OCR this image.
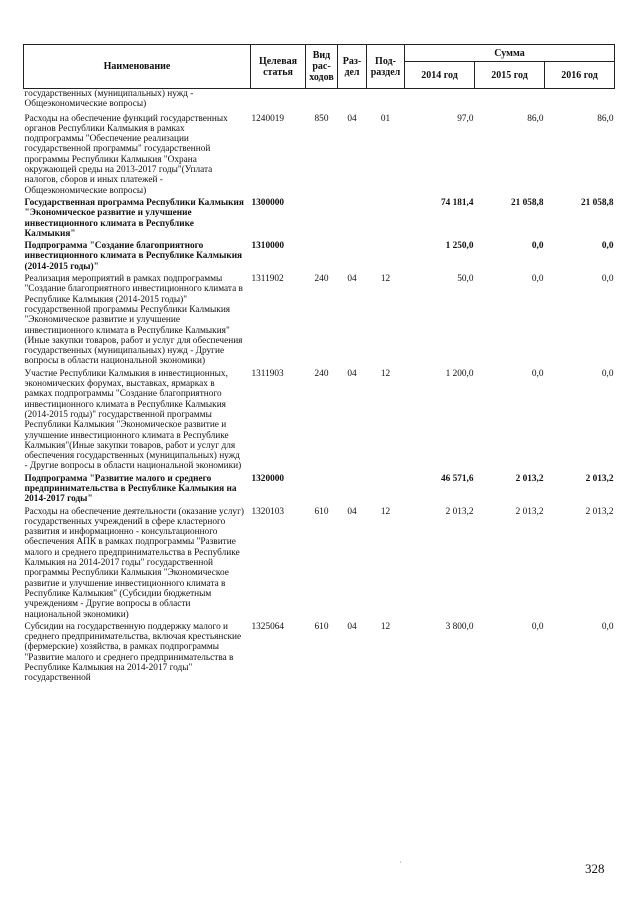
Наименование	Целевая статья	Вид рас-ходов	Раз-дел	Под-раздел	Сумма		
					2014 год	2015 год	2016 год
государственных (муниципальных) нужд - Общеэкономические вопросы)							
Расходы на обеспечение функций государственных органов Республики Калмыкия в рамках подпрограммы "Обеспечение реализации государственной программы" государственной программы Республики Калмыкия "Охрана окружающей среды на 2013-2017 годы"(Уплата налогов, сборов и иных платежей - Общеэкономические вопросы)	1240019	850	04	01	97,0	86,0	86,0
Государственная программа Республики Калмыкия "Экономическое развитие и улучшение инвестиционного климата в Республике Калмыкия"	1300000				74 181,4	21 058,8	21 058,8
Подпрограмма "Создание благоприятного инвестиционного климата в Республике Калмыкия (2014-2015 годы)"	1310000				1 250,0	0,0	0,0
Реализация мероприятий в рамках подпрограммы "Создание благоприятного инвестиционного климата в Республике Калмыкия (2014-2015 годы)" государственной программы Республики Калмыкия "Экономическое развитие и улучшение инвестиционного климата в Республике Калмыкия" (Иные закупки товаров, работ и услуг для обеспечения государственных (муниципальных) нужд - Другие вопросы в области национальной экономики)	1311902	240	04	12	50,0	0,0	0,0
Участие Республики Калмыкия в инвестиционных, экономических форумах, выставках, ярмарках в рамках подпрограммы "Создание благоприятного инвестиционного климата в Республике Калмыкия (2014-2015 годы)" государственной программы Республики Калмыкия "Экономическое развитие и улучшение инвестиционного климата в Республике Калмыкия"(Иные закупки товаров, работ и услуг для обеспечения государственных (муниципальных) нужд - Другие вопросы в области национальной экономики)	1311903	240	04	12	1 200,0	0,0	0,0
Подпрограмма "Развитие малого и среднего предпринимательства в Республике Калмыкия на 2014-2017 годы"	1320000				46 571,6	2 013,2	2 013,2
Расходы на обеспечение деятельности (оказание услуг) государственных учреждений в сфере кластерного развития и информационно - консультационного обеспечения АПК в рамках подпрограммы "Развитие малого и среднего предпринимательства в Республике Калмыкия на 2014-2017 годы" государственной программы Республики Калмыкия "Экономическое развитие и улучшение инвестиционного климата в Республике Калмыкия" (Субсидии бюджетным учреждениям - Другие вопросы в области национальной экономики)	1320103	610	04	12	2 013,2	2 013,2	2 013,2
Субсидии на государственную поддержку малого и среднего предпринимательства, включая крестьянские (фермерские) хозяйства, в рамках подпрограммы "Развитие малого и среднего предпринимательства в Республике Калмыкия на 2014-2017 годы" государственной	1325064	610	04	12	3 800,0	0,0	0,0
·	328
